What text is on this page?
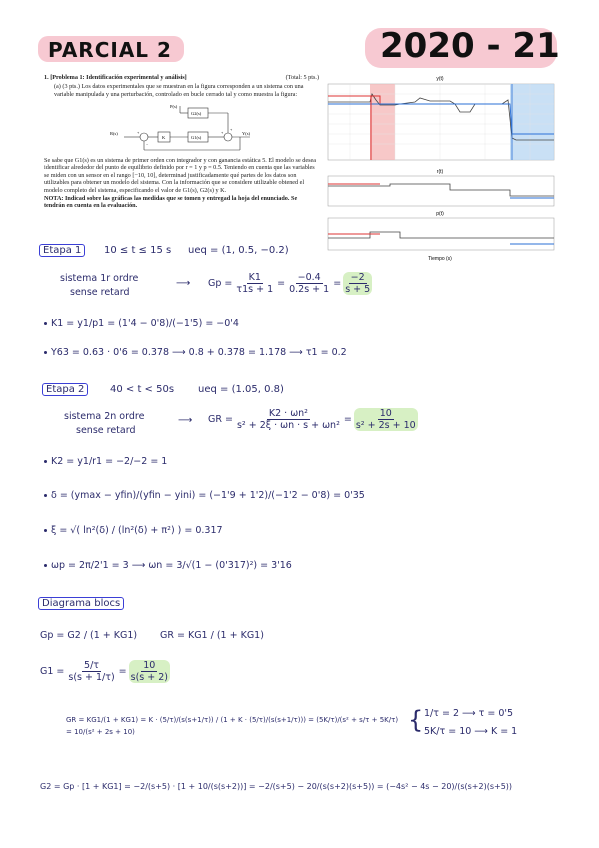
PARCIAL 2	2020 - 21
1. [Problema 1: Identificación experimental y análisis]	(Total: 5 pts.)
(a) (3 pts.) Los datos experimentales que se muestran en la figura corresponden a un sistema con una variable manipulada y una perturbación, controlado en bucle cerrado tal y como muestra la figura:
P(s)
G2(s)
R(s)
K	G1(s)
Y(s)
+
−
+
+
Se sabe que G1(s) es un sistema de primer orden con integrador y con ganancia estática 5. El modelo se desea identificar alrededor del punto de equilibrio definido por r = 1 y p = 0.5. Teniendo en cuenta que las variables se miden con un sensor en el rango [−10, 10], determinad justificadamente qué partes de los datos son utilizables para obtener un modelo del sistema. Con la información que se considere utilizable obtened el modelo completo del sistema, especificando el valor de G1(s), G2(s) y K.
NOTA: Indicad sobre las gráficas las medidas que se tomen y entregad la hoja del enunciado. Se tendrán en cuenta en la evaluación.
y(t)
r(t)
p(t)
Tiempo (s)
Etapa 1	10 ≤ t ≤ 15 s ueq = (1, 0.5, −0.2)
sistema 1r ordre
sense retard
⟶ $Gp = \frac{K1}{\tau 1s + 1} = \frac{-0.4}{0.2s + 1} = \frac{-2}{s + 5}$
K1 = y1/p1 = (1'4 − 0'8)/(−1'5) = −0'4
Y63 = 0.63 · 0'6 = 0.378 ⟶ 0.8 + 0.378 = 1.178 ⟶ τ1 = 0.2
Etapa 2	40 < t < 50s ueq = (1.05, 0.8)
sistema 2n ordre
sense retard
⟶ GR = $\frac{\text{K2 · ωn²}}{\text{s² + 2ξ · ωn · s + ωn²}} = \frac{10}{\text{s² + 2s + 10}}$
K2 = y1/r1 = −2/−2 = 1
δ = (ymax − yfin)/(yfin − yini) = (−1'9 + 1'2)/(−1'2 − 0'8) = 0'35
ξ = √( ln²(δ) / (ln²(δ) + π²) ) = 0.317
ωp = 2π/2'1 = 3 ⟶ ωn = 3/√(1 − (0'317)²) = 3'16
Diagrama blocs
Gp = G2 / (1 + KG1) GR = KG1 / (1 + KG1)
$G1 = \frac{5/\tau}{s(s + 1/\tau)} = \frac{10}{s(s + 2)}$
GR = KG1/(1 + KG1) = K · (5/τ)/(s(s+1/τ)) / (1 + K · (5/τ)/(s(s+1/τ))) = (5K/τ)/(s² + s/τ + 5K/τ) = 10/(s² + 2s + 10)	{ 1/τ = 2 ⟶ τ = 0'5
5K/τ = 10 ⟶ K = 1
G2 = Gp · [1 + KG1] = −2/(s+5) · [1 + 10/(s(s+2))] = −2/(s+5) − 20/(s(s+2)(s+5)) = (−4s² − 4s − 20)/(s(s+2)(s+5))
